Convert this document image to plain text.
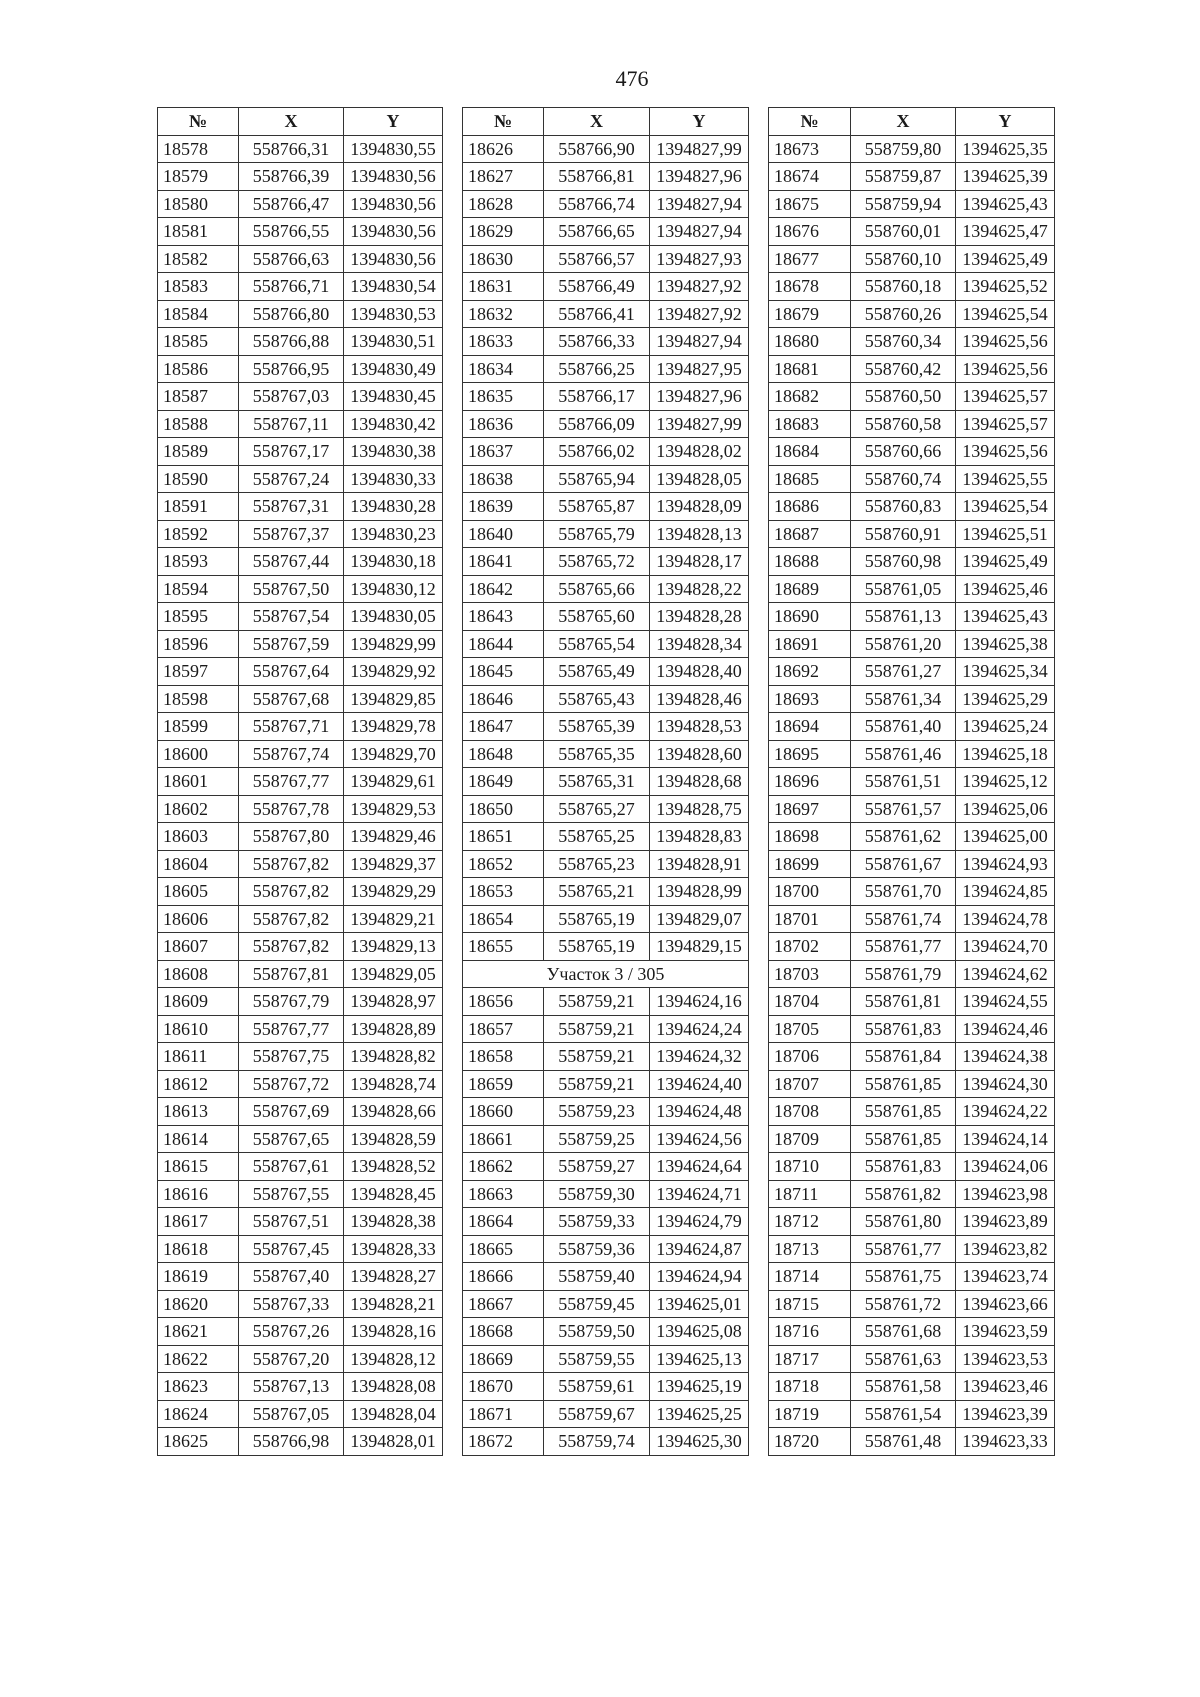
476
№	X	Y
18578	558766,31	1394830,55
18579	558766,39	1394830,56
18580	558766,47	1394830,56
18581	558766,55	1394830,56
18582	558766,63	1394830,56
18583	558766,71	1394830,54
18584	558766,80	1394830,53
18585	558766,88	1394830,51
18586	558766,95	1394830,49
18587	558767,03	1394830,45
18588	558767,11	1394830,42
18589	558767,17	1394830,38
18590	558767,24	1394830,33
18591	558767,31	1394830,28
18592	558767,37	1394830,23
18593	558767,44	1394830,18
18594	558767,50	1394830,12
18595	558767,54	1394830,05
18596	558767,59	1394829,99
18597	558767,64	1394829,92
18598	558767,68	1394829,85
18599	558767,71	1394829,78
18600	558767,74	1394829,70
18601	558767,77	1394829,61
18602	558767,78	1394829,53
18603	558767,80	1394829,46
18604	558767,82	1394829,37
18605	558767,82	1394829,29
18606	558767,82	1394829,21
18607	558767,82	1394829,13
18608	558767,81	1394829,05
18609	558767,79	1394828,97
18610	558767,77	1394828,89
18611	558767,75	1394828,82
18612	558767,72	1394828,74
18613	558767,69	1394828,66
18614	558767,65	1394828,59
18615	558767,61	1394828,52
18616	558767,55	1394828,45
18617	558767,51	1394828,38
18618	558767,45	1394828,33
18619	558767,40	1394828,27
18620	558767,33	1394828,21
18621	558767,26	1394828,16
18622	558767,20	1394828,12
18623	558767,13	1394828,08
18624	558767,05	1394828,04
18625	558766,98	1394828,01
№	X	Y
18626	558766,90	1394827,99
18627	558766,81	1394827,96
18628	558766,74	1394827,94
18629	558766,65	1394827,94
18630	558766,57	1394827,93
18631	558766,49	1394827,92
18632	558766,41	1394827,92
18633	558766,33	1394827,94
18634	558766,25	1394827,95
18635	558766,17	1394827,96
18636	558766,09	1394827,99
18637	558766,02	1394828,02
18638	558765,94	1394828,05
18639	558765,87	1394828,09
18640	558765,79	1394828,13
18641	558765,72	1394828,17
18642	558765,66	1394828,22
18643	558765,60	1394828,28
18644	558765,54	1394828,34
18645	558765,49	1394828,40
18646	558765,43	1394828,46
18647	558765,39	1394828,53
18648	558765,35	1394828,60
18649	558765,31	1394828,68
18650	558765,27	1394828,75
18651	558765,25	1394828,83
18652	558765,23	1394828,91
18653	558765,21	1394828,99
18654	558765,19	1394829,07
18655	558765,19	1394829,15
Участок 3 / 305		
18656	558759,21	1394624,16
18657	558759,21	1394624,24
18658	558759,21	1394624,32
18659	558759,21	1394624,40
18660	558759,23	1394624,48
18661	558759,25	1394624,56
18662	558759,27	1394624,64
18663	558759,30	1394624,71
18664	558759,33	1394624,79
18665	558759,36	1394624,87
18666	558759,40	1394624,94
18667	558759,45	1394625,01
18668	558759,50	1394625,08
18669	558759,55	1394625,13
18670	558759,61	1394625,19
18671	558759,67	1394625,25
18672	558759,74	1394625,30
№	X	Y
18673	558759,80	1394625,35
18674	558759,87	1394625,39
18675	558759,94	1394625,43
18676	558760,01	1394625,47
18677	558760,10	1394625,49
18678	558760,18	1394625,52
18679	558760,26	1394625,54
18680	558760,34	1394625,56
18681	558760,42	1394625,56
18682	558760,50	1394625,57
18683	558760,58	1394625,57
18684	558760,66	1394625,56
18685	558760,74	1394625,55
18686	558760,83	1394625,54
18687	558760,91	1394625,51
18688	558760,98	1394625,49
18689	558761,05	1394625,46
18690	558761,13	1394625,43
18691	558761,20	1394625,38
18692	558761,27	1394625,34
18693	558761,34	1394625,29
18694	558761,40	1394625,24
18695	558761,46	1394625,18
18696	558761,51	1394625,12
18697	558761,57	1394625,06
18698	558761,62	1394625,00
18699	558761,67	1394624,93
18700	558761,70	1394624,85
18701	558761,74	1394624,78
18702	558761,77	1394624,70
18703	558761,79	1394624,62
18704	558761,81	1394624,55
18705	558761,83	1394624,46
18706	558761,84	1394624,38
18707	558761,85	1394624,30
18708	558761,85	1394624,22
18709	558761,85	1394624,14
18710	558761,83	1394624,06
18711	558761,82	1394623,98
18712	558761,80	1394623,89
18713	558761,77	1394623,82
18714	558761,75	1394623,74
18715	558761,72	1394623,66
18716	558761,68	1394623,59
18717	558761,63	1394623,53
18718	558761,58	1394623,46
18719	558761,54	1394623,39
18720	558761,48	1394623,33
